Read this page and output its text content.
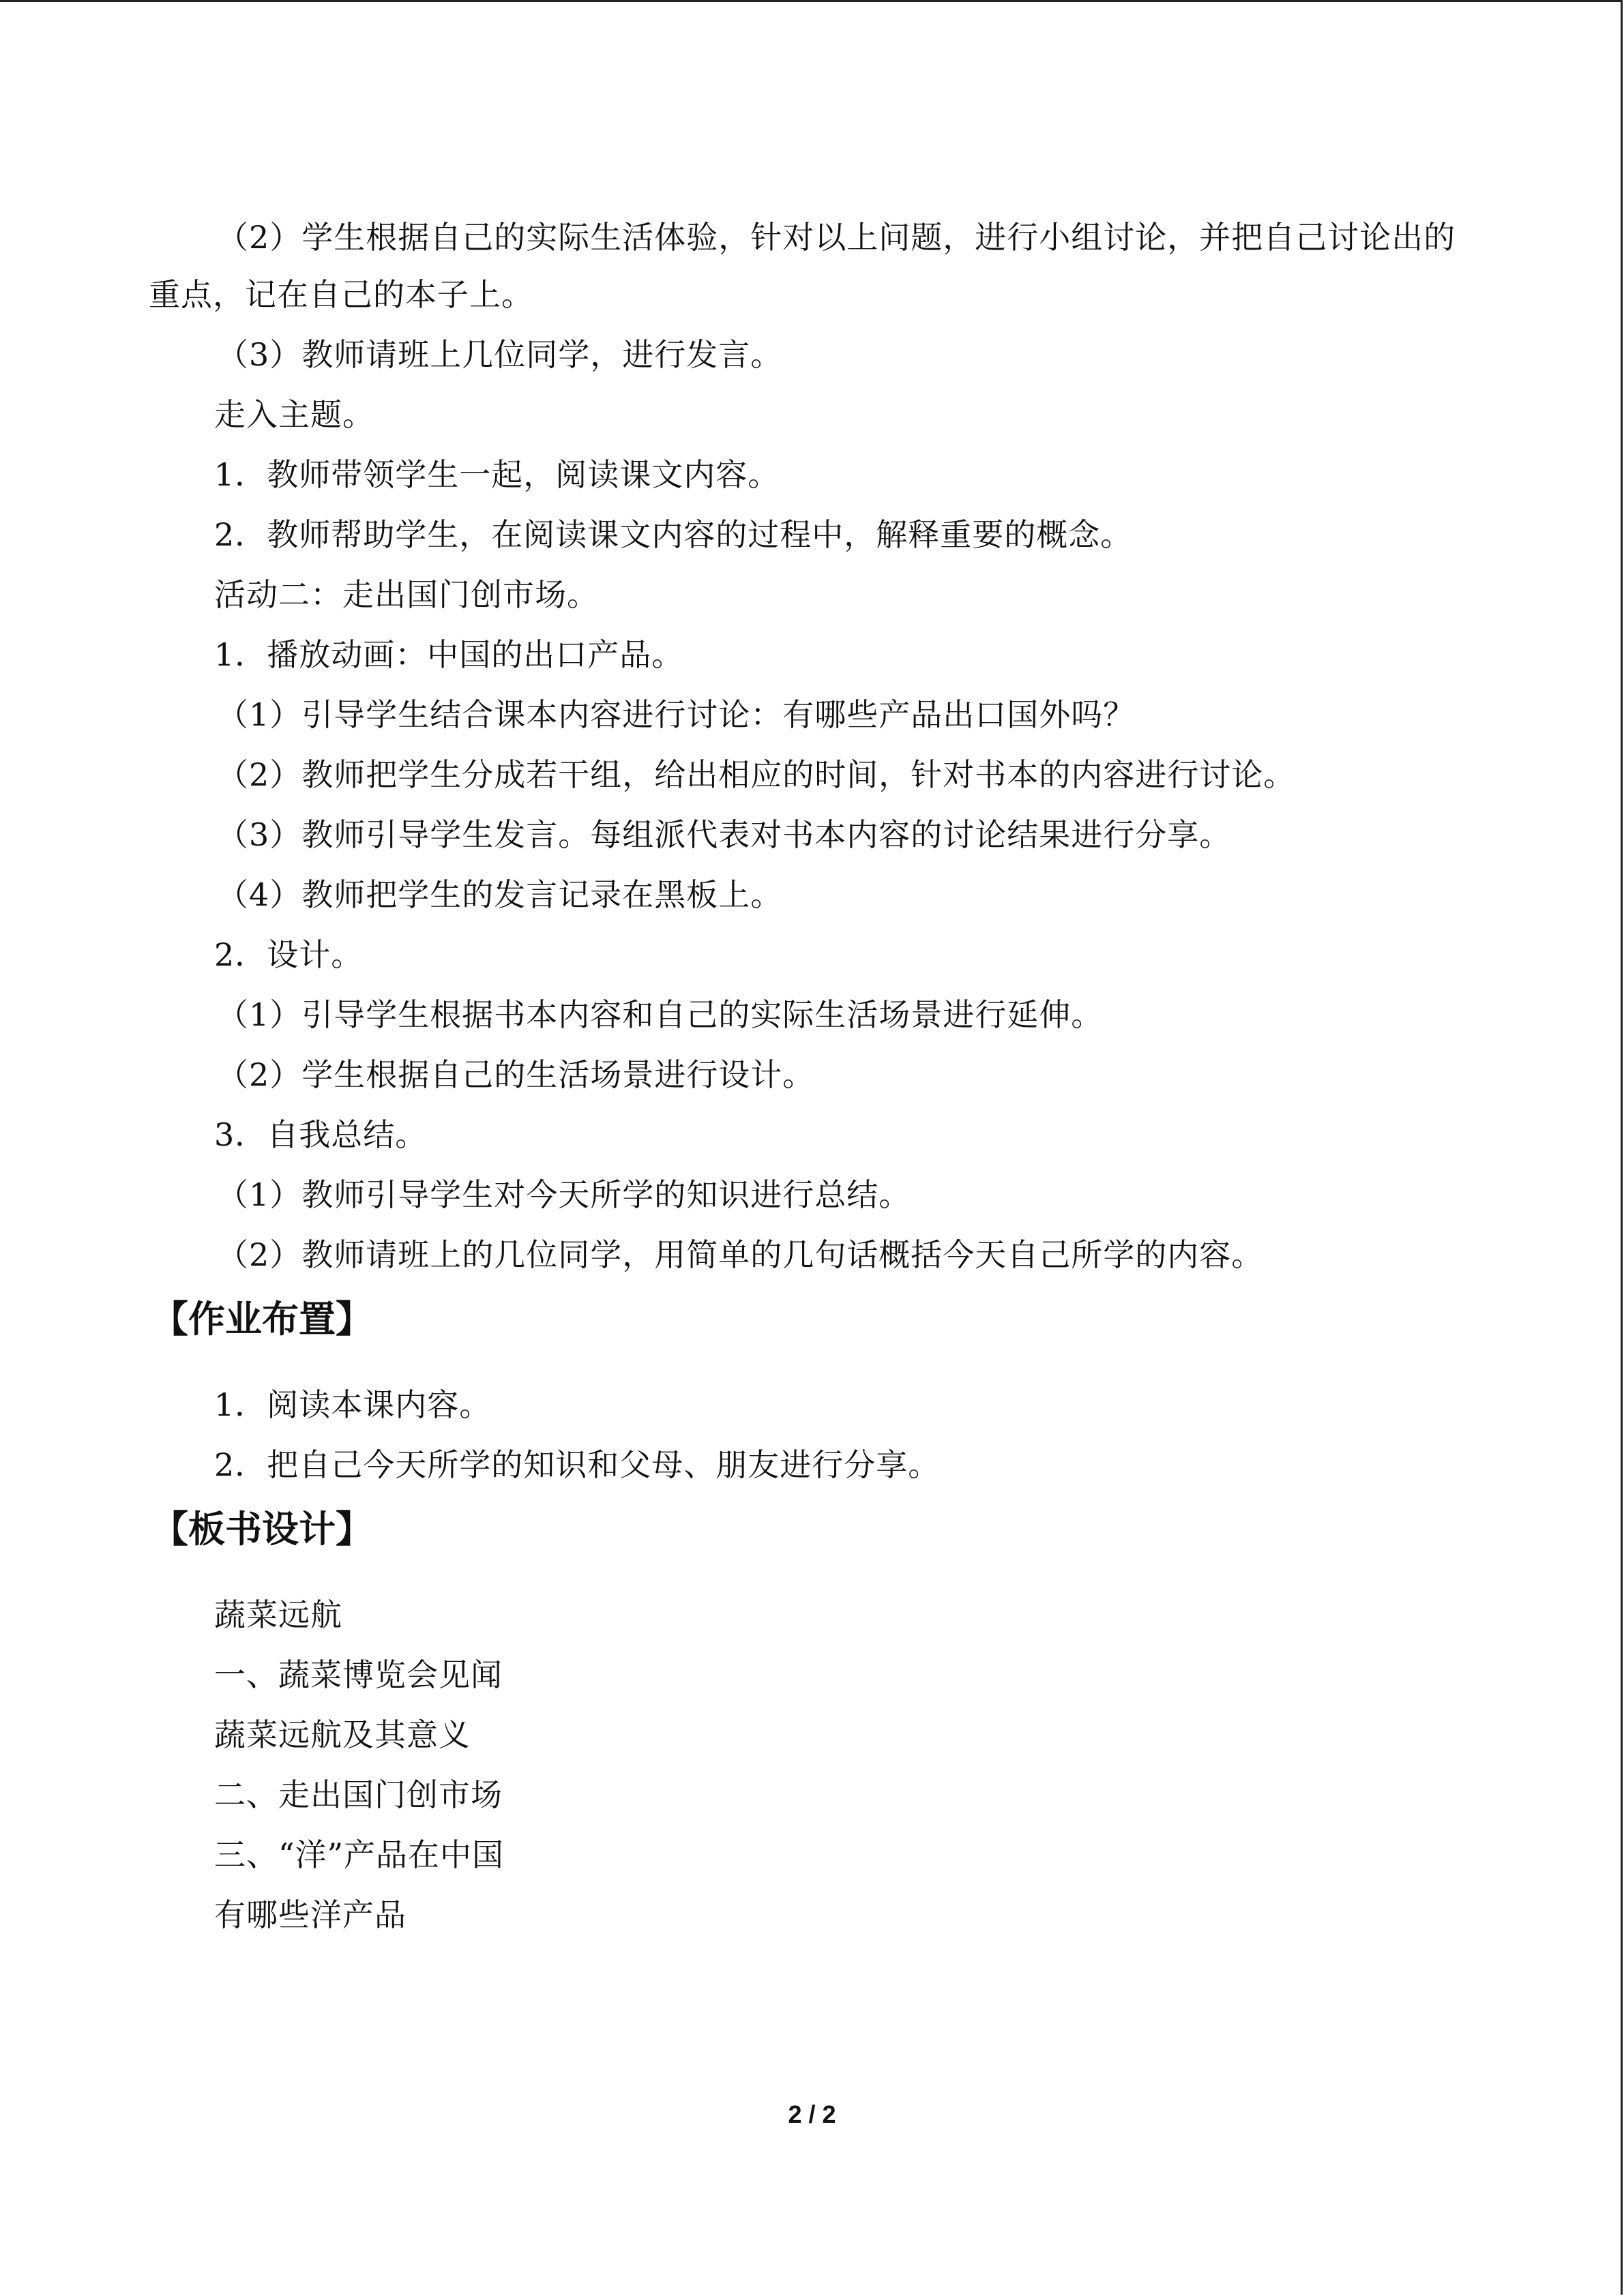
（2）学生根据自己的实际生活体验，针对以上问题，进行小组讨论，并把自己讨论出的
重点，记在自己的本子上。
（3）教师请班上几位同学，进行发言。
走入主题。
1．教师带领学生一起，阅读课文内容。
2．教师帮助学生，在阅读课文内容的过程中，解释重要的概念。
活动二：走出国门创市场。
1．播放动画：中国的出口产品。
（1）引导学生结合课本内容进行讨论：有哪些产品出口国外吗？
（2）教师把学生分成若干组，给出相应的时间，针对书本的内容进行讨论。
（3）教师引导学生发言。每组派代表对书本内容的讨论结果进行分享。
（4）教师把学生的发言记录在黑板上。
2．设计。
（1）引导学生根据书本内容和自己的实际生活场景进行延伸。
（2）学生根据自己的生活场景进行设计。
3．自我总结。
（1）教师引导学生对今天所学的知识进行总结。
（2）教师请班上的几位同学，用简单的几句话概括今天自己所学的内容。
【作业布置】
1．阅读本课内容。
2．把自己今天所学的知识和父母、朋友进行分享。
【板书设计】
蔬菜远航
一、蔬菜博览会见闻
蔬菜远航及其意义
二、走出国门创市场
三、“洋”产品在中国
有哪些洋产品
2 / 2
